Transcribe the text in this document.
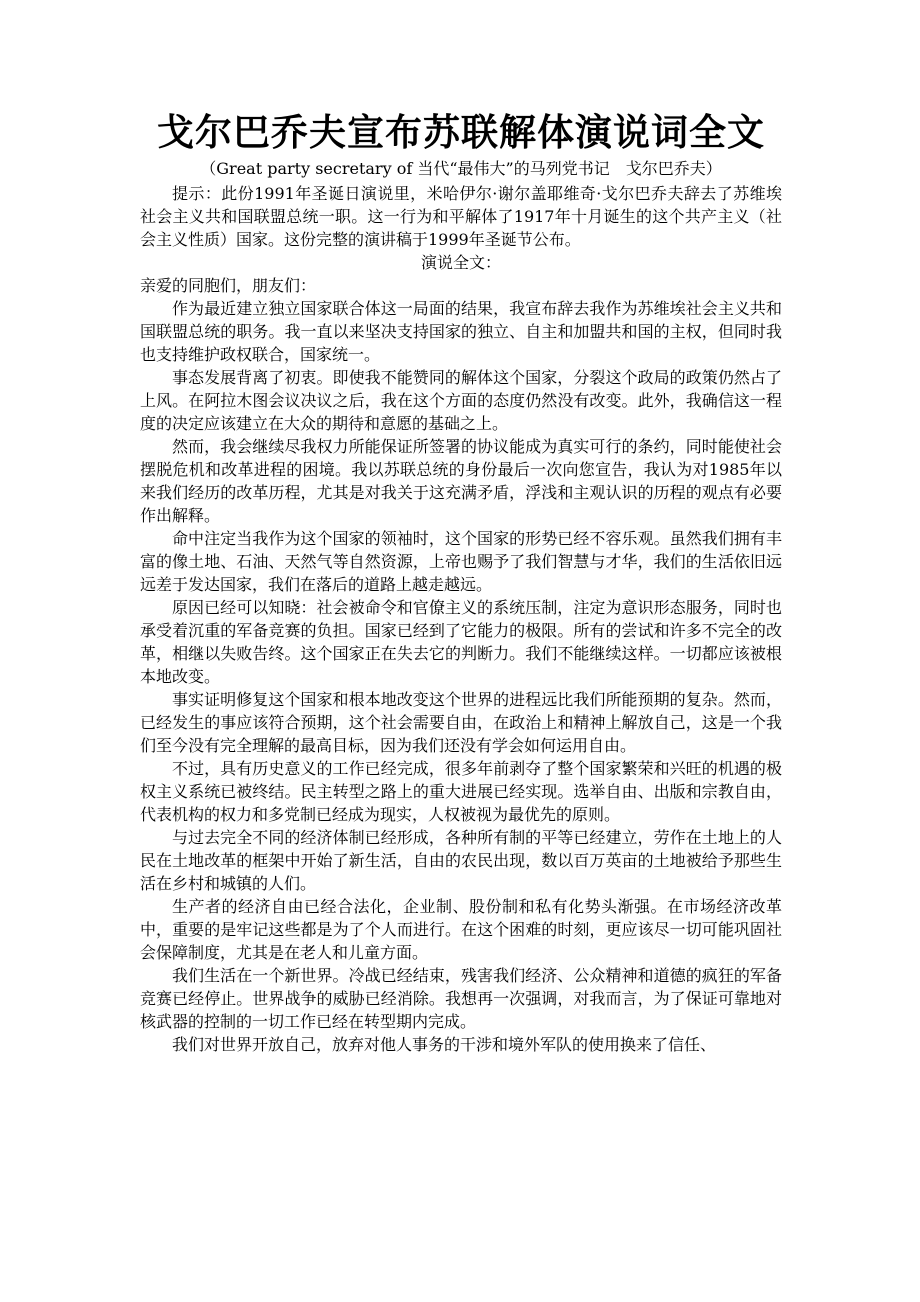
戈尔巴乔夫宣布苏联解体演说词全文

（Great party secretary of 当代“最伟大”的马列党书记　戈尔巴乔夫）

提示：此份1991年圣诞日演说里，米哈伊尔·谢尔盖耶维奇·戈尔巴乔夫辞去了苏维埃社会主义共和国联盟总统一职。这一行为和平解体了1917年十月诞生的这个共产主义（社会主义性质）国家。这份完整的演讲稿于1999年圣诞节公布。

演说全文：

亲爱的同胞们，朋友们：

作为最近建立独立国家联合体这一局面的结果，我宣布辞去我作为苏维埃社会主义共和国联盟总统的职务。我一直以来坚决支持国家的独立、自主和加盟共和国的主权，但同时我也支持维护政权联合，国家统一。

事态发展背离了初衷。即使我不能赞同的解体这个国家，分裂这个政局的政策仍然占了上风。在阿拉木图会议决议之后，我在这个方面的态度仍然没有改变。此外，我确信这一程度的决定应该建立在大众的期待和意愿的基础之上。

然而，我会继续尽我权力所能保证所签署的协议能成为真实可行的条约，同时能使社会摆脱危机和改革进程的困境。我以苏联总统的身份最后一次向您宣告，我认为对1985年以来我们经历的改革历程，尤其是对我关于这充满矛盾，浮浅和主观认识的历程的观点有必要作出解释。

命中注定当我作为这个国家的领袖时，这个国家的形势已经不容乐观。虽然我们拥有丰富的像土地、石油、天然气等自然资源，上帝也赐予了我们智慧与才华，我们的生活依旧远远差于发达国家，我们在落后的道路上越走越远。

原因已经可以知晓：社会被命令和官僚主义的系统压制，注定为意识形态服务，同时也承受着沉重的军备竞赛的负担。国家已经到了它能力的极限。所有的尝试和许多不完全的改革，相继以失败告终。这个国家正在失去它的判断力。我们不能继续这样。一切都应该被根本地改变。

事实证明修复这个国家和根本地改变这个世界的进程远比我们所能预期的复杂。然而，已经发生的事应该符合预期，这个社会需要自由，在政治上和精神上解放自己，这是一个我们至今没有完全理解的最高目标，因为我们还没有学会如何运用自由。

不过，具有历史意义的工作已经完成，很多年前剥夺了整个国家繁荣和兴旺的机遇的极权主义系统已被终结。民主转型之路上的重大进展已经实现。选举自由、出版和宗教自由，代表机构的权力和多党制已经成为现实，人权被视为最优先的原则。

与过去完全不同的经济体制已经形成，各种所有制的平等已经建立，劳作在土地上的人民在土地改革的框架中开始了新生活，自由的农民出现，数以百万英亩的土地被给予那些生活在乡村和城镇的人们。

生产者的经济自由已经合法化，企业制、股份制和私有化势头渐强。在市场经济改革中，重要的是牢记这些都是为了个人而进行。在这个困难的时刻，更应该尽一切可能巩固社会保障制度，尤其是在老人和儿童方面。

我们生活在一个新世界。冷战已经结束，残害我们经济、公众精神和道德的疯狂的军备竞赛已经停止。世界战争的威胁已经消除。我想再一次强调，对我而言，为了保证可靠地对核武器的控制的一切工作已经在转型期内完成。

我们对世界开放自己，放弃对他人事务的干涉和境外军队的使用换来了信任、
